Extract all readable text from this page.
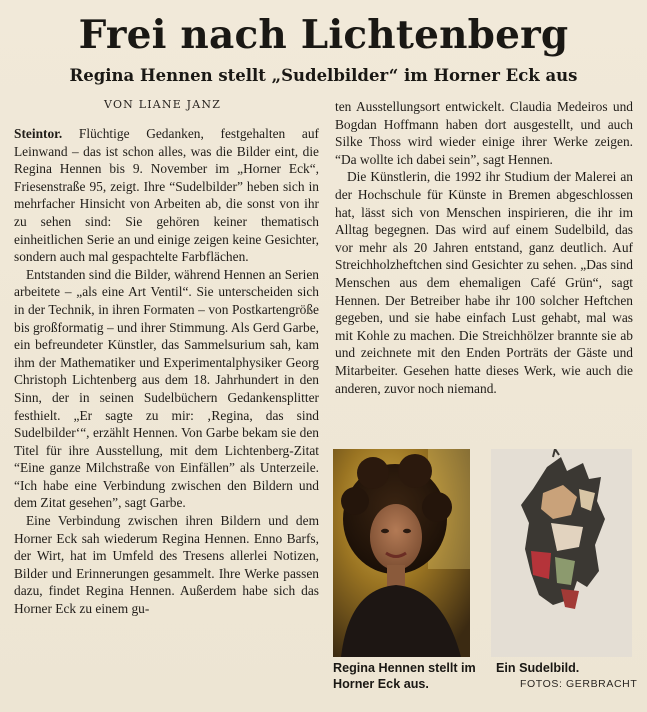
Frei nach Lichtenberg
Regina Hennen stellt „Sudelbilder“ im Horner Eck aus
VON LIANE JANZ

Steintor. Flüchtige Gedanken, festgehalten auf Leinwand – das ist schon alles, was die Bilder eint, die Regina Hennen bis 9. November im „Horner Eck“, Friesenstraße 95, zeigt. Ihre “Sudelbilder” heben sich in mehrfacher Hinsicht von Arbeiten ab, die sonst von ihr zu sehen sind: Sie gehören keiner thematisch einheitlichen Serie an und einige zeigen keine Gesichter, sondern auch mal gespachtelte Farbflächen.

Entstanden sind die Bilder, während Hennen an Serien arbeitete – „als eine Art Ventil“. Sie unterscheiden sich in der Technik, in ihren Formaten – von Postkartengröße bis großformatig – und ihrer Stimmung. Als Gerd Garbe, ein befreundeter Künstler, das Sammelsurium sah, kam ihm der Mathematiker und Experimentalphysiker Georg Christoph Lichtenberg aus dem 18. Jahrhundert in den Sinn, der in seinen Sudelbüchern Gedankensplitter festhielt. „Er sagte zu mir: ‚Regina, das sind Sudelbilder‘“, erzählt Hennen. Von Garbe bekam sie den Titel für ihre Ausstellung, mit dem Lichtenberg-Zitat “Eine ganze Milchstraße von Einfällen” als Unterzeile. “Ich habe eine Verbindung zwischen den Bildern und dem Zitat gesehen”, sagt Garbe.

Eine Verbindung zwischen ihren Bildern und dem Horner Eck sah wiederum Regina Hennen. Enno Barfs, der Wirt, hat im Umfeld des Tresens allerlei Notizen, Bilder und Erinnerungen gesammelt. Ihre Werke passen dazu, findet Regina Hennen. Außerdem habe sich das Horner Eck zu einem gu-

ten Ausstellungsort entwickelt. Claudia Medeiros und Bogdan Hoffmann haben dort ausgestellt, und auch Silke Thoss wird wieder einige ihrer Werke zeigen. “Da wollte ich dabei sein”, sagt Hennen.

Die Künstlerin, die 1992 ihr Studium der Malerei an der Hochschule für Künste in Bremen abgeschlossen hat, lässt sich von Menschen inspirieren, die ihr im Alltag begegnen. Das wird auf einem Sudelbild, das vor mehr als 20 Jahren entstand, ganz deutlich. Auf Streichholzheftchen sind Gesichter zu sehen. „Das sind Menschen aus dem ehemaligen Café Grün“, sagt Hennen. Der Betreiber habe ihr 100 solcher Heftchen gegeben, und sie habe einfach Lust gehabt, mal was mit Kohle zu machen. Die Streichhölzer brannte sie ab und zeichnete mit den Enden Porträts der Gäste und Mitarbeiter. Gesehen hatte dieses Werk, wie auch die anderen, zuvor noch niemand.

Regina Hennen stellt im Horner Eck aus.
Ein Sudelbild.
FOTOS: GERBRACHT
